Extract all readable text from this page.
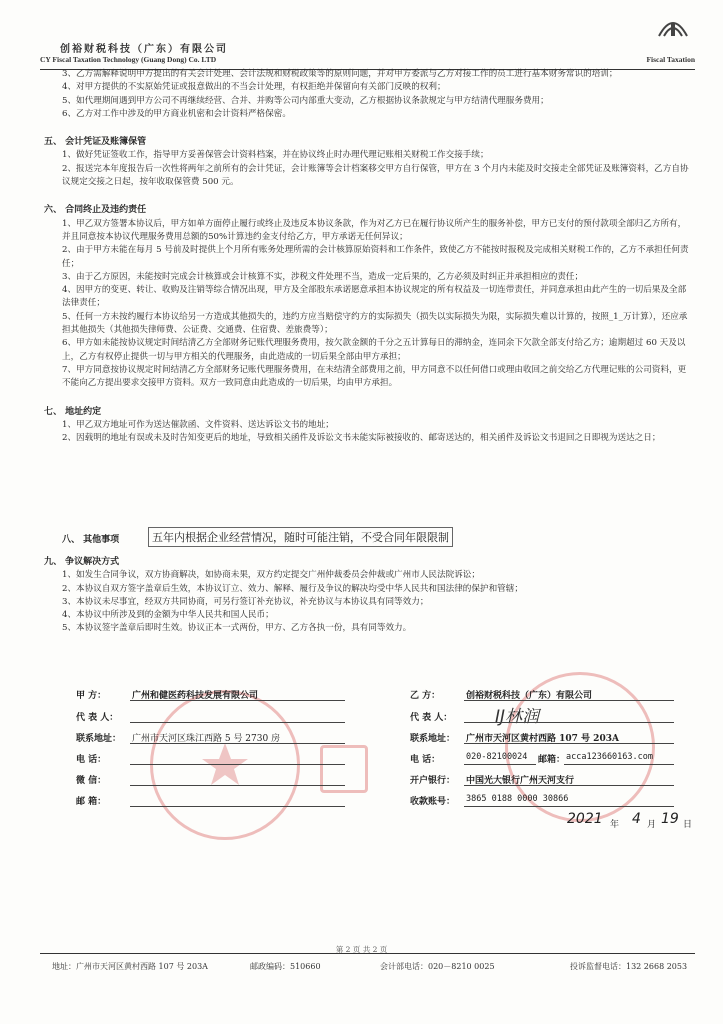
创裕财税科技（广东）有限公司
CY Fiscal Taxation Technology (Guang Dong) Co. LTD	Fiscal Taxation

3、乙方需解释说明甲方提出的有关会计处理、会计法规和财税政策等的原则问题，并对甲方委派与乙方对接工作的员工进行基本财务常识的培训；

4、对甲方提供的不实原始凭证或报意做出的不当会计处理，有权拒绝并保留向有关部门反映的权利；

5、如代理期间遇到甲方公司不再继续经营、合并、并购等公司内部重大变动，乙方根据协议条款规定与甲方结清代理服务费用；

6、乙方对工作中涉及的甲方商业机密和会计资料严格保密。

五、 会计凭证及账簿保管

1、做好凭证签收工作，指导甲方妥善保管会计资料档案，并在协议终止时办理代理记账相关财税工作交接手续；

2、报送完本年度报告后一次性将两年之前所有的会计凭证，会计账簿等会计档案移交甲方自行保管，甲方在 3 个月内未能及时交接走全部凭证及账簿资料，乙方自协议规定交接之日起，按年收取保管费 500 元。

六、 合同终止及违约责任

1、甲乙双方签署本协议后，甲方如单方面停止履行或终止及违反本协议条款，作为对乙方已在履行协议所产生的服务补偿，甲方已支付的预付款项全部归乙方所有，并且同意按本协议代理服务费用总额的50%计算违约金支付给乙方，甲方承诺无任何异议；

2、由于甲方未能在每月 5 号前及时提供上个月所有账务处理所需的会计核算原始资料和工作条件，致使乙方不能按时报税及完成相关财税工作的，乙方不承担任何责任；

3、由于乙方原因，未能按时完成会计核算或会计核算不实，涉税文件处理不当，造成一定后果的，乙方必须及时纠正并承担相应的责任；

4、因甲方的变更、转让、收购及注销等综合情况出现，甲方及全部股东承诺愿意承担本协议规定的所有权益及一切连带责任，并同意承担由此产生的一切后果及全部法律责任；

5、任何一方未按约履行本协议给另一方造成其他损失的，违约方应当赔偿守约方的实际损失（损失以实际损失为限，实际损失难以计算的，按照_1_万计算），还应承担其他损失（其他损失律师费、公证费、交通费、住宿费、差旅费等）；

6、甲方如未能按协议规定时间结清乙方全部财务记账代理服务费用，按欠款金额的千分之五计算每日的滞纳金，连同余下欠款全部支付给乙方；逾期超过 60 天及以上，乙方有权停止提供一切与甲方相关的代理服务，由此造成的一切后果全部由甲方承担；

7、甲方同意按协议规定时间结清乙方全部财务记账代理服务费用，在未结清全部费用之前，甲方同意不以任何借口或理由收回之前交给乙方代理记账的公司资料，更不能向乙方提出要求交接甲方资料。双方一致同意由此造成的一切后果，均由甲方承担。

七、 地址约定

1、甲乙双方地址可作为送达催款函、文件资料、送达诉讼文书的地址；

2、因载明的地址有误或未及时告知变更后的地址，导致相关函件及诉讼文书未能实际被接收的、邮寄送达的，相关函件及诉讼文书退回之日即视为送达之日；

八、 其他事项	五年内根据企业经营情况，随时可能注销，不受合同年限限制

九、 争议解决方式

1、如发生合同争议，双方协商解决，如协商未果，双方约定提交广州仲裁委员会仲裁或广州市人民法院诉讼；

2、本协议自双方签字盖章后生效，本协议订立、效力、解释、履行及争议的解决均受中华人民共和国法律的保护和管辖；

3、本协议未尽事宜，经双方共同协商，可另行签订补充协议，补充协议与本协议具有同等效力；

4、本协议中所涉及到的金额为中华人民共和国人民币；

5、本协议签字盖章后即时生效。协议正本一式两份，甲方、乙方各执一份，具有同等效力。

甲 方：	广州和健医药科技发展有限公司
代 表 人：
联系地址： 广州市天河区珠江西路 5 号 2730 房
电 话：
微 信：
邮 箱：
乙 方：	创裕财税科技（广东）有限公司
代 表 人：	IJ林润
联系地址： 广州市天河区黄村西路 107 号 203A
电 话：	020-82100024 邮箱： acca123660163.com
开户银行： 中国光大银行广州天河支行
收款账号： 3865 0188 0000 30866
2021 年 4 月 19 日
第 2 页 共 2 页
地址：广州市天河区黄村西路 107 号 203A	邮政编码：510660	会计部电话：020－8210 0025	投诉监督电话：132 2668 2053
